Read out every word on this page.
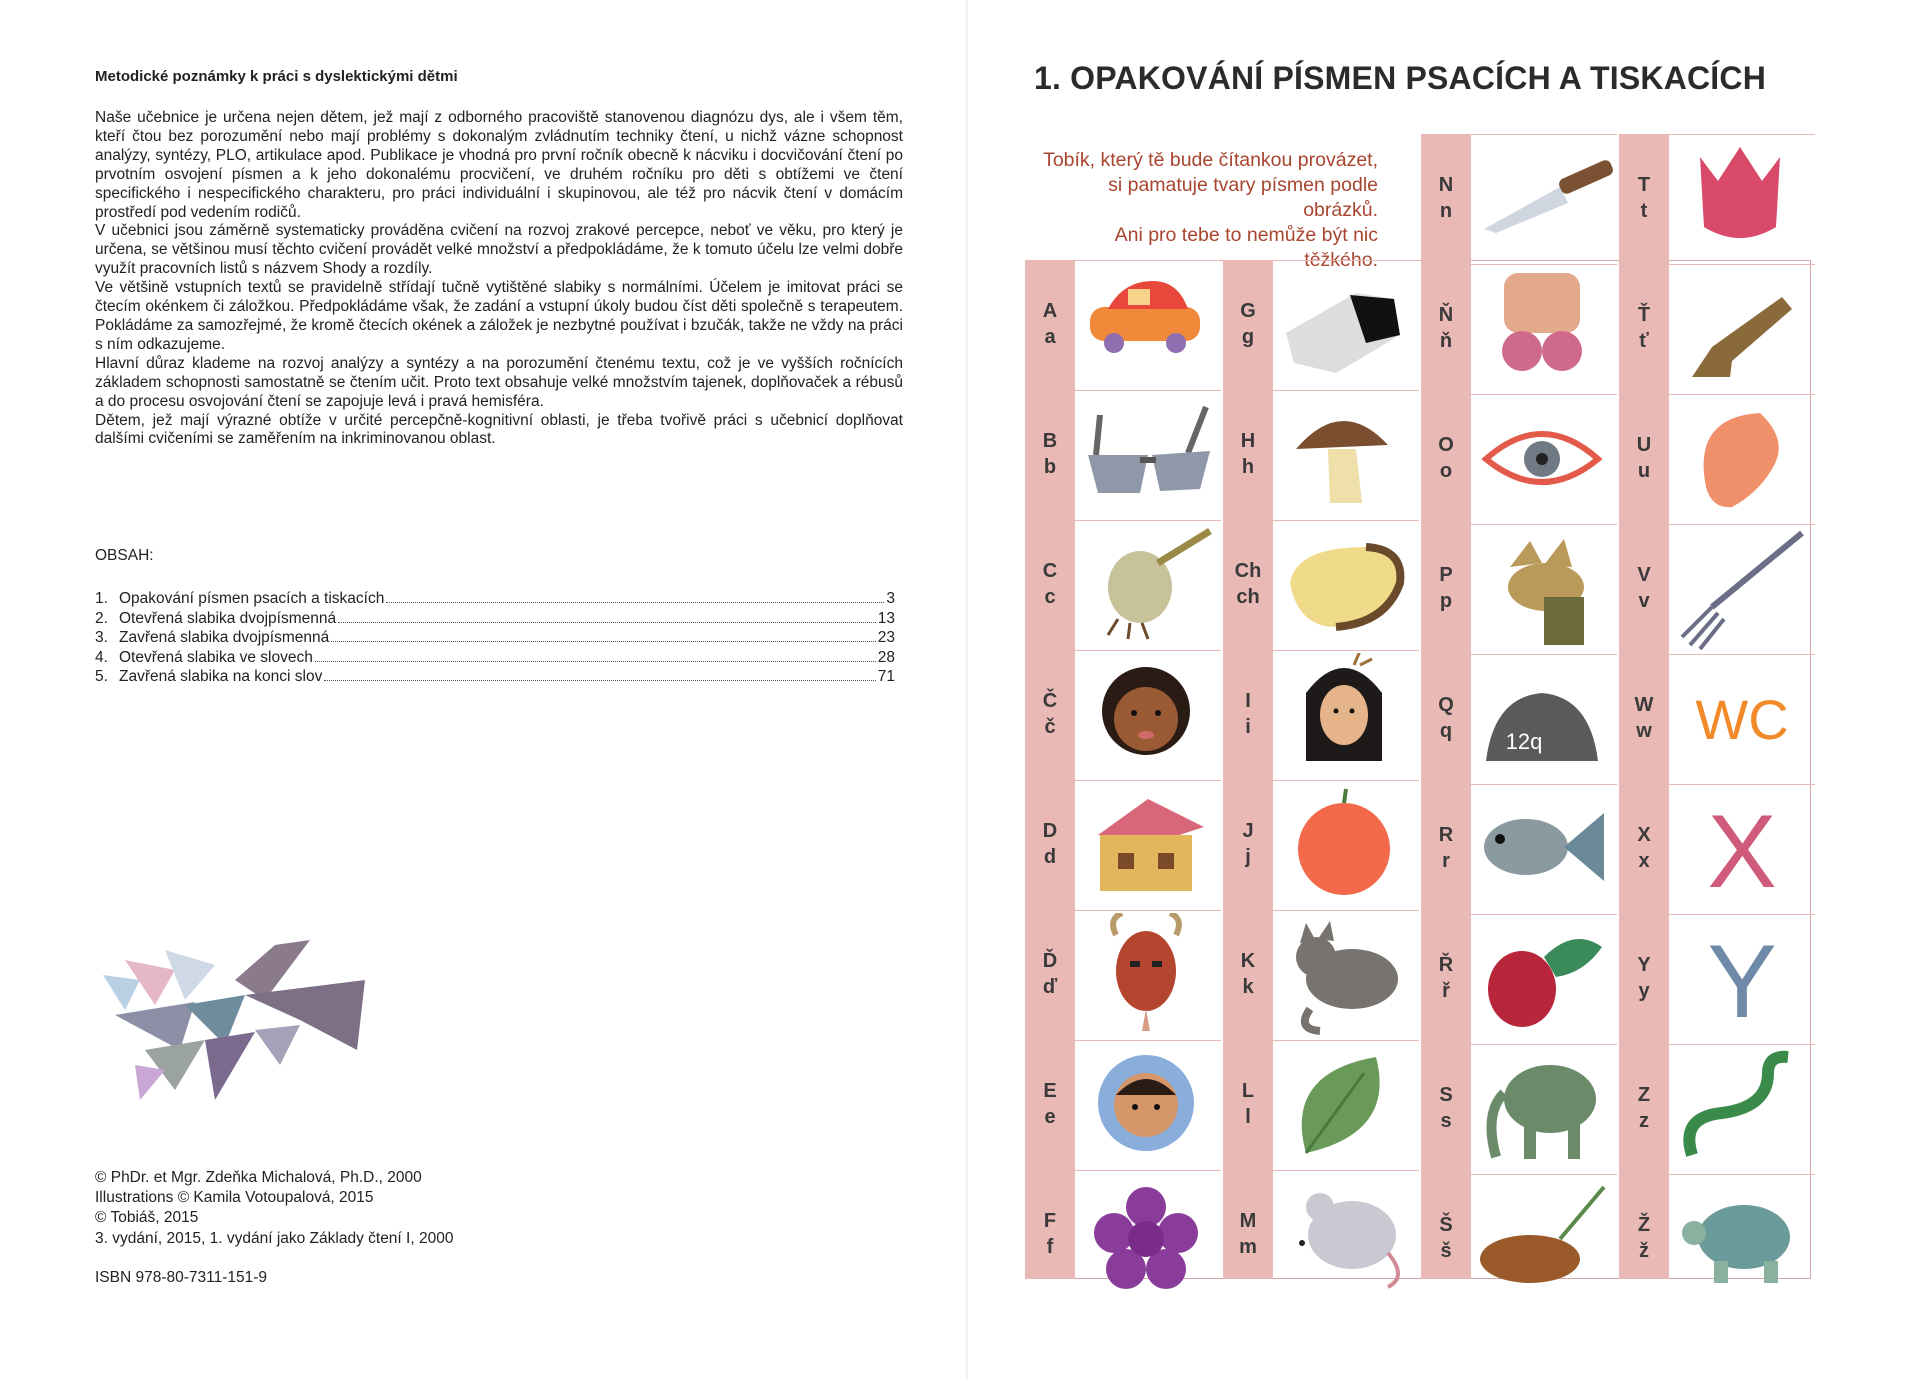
Metodické poznámky k práci s dyslektickými dětmi

Naše učebnice je určena nejen dětem, jež mají z odborného pracoviště stanovenou diagnózu dys, ale i všem těm, kteří čtou bez porozumění nebo mají problémy s dokonalým zvládnutím techniky čtení, u nichž vázne schopnost analýzy, syntézy, PLO, artikulace apod. Publikace je vhodná pro první ročník obecně k nácviku i docvičování čtení po prvotním osvojení písmen a k jeho dokonalému procvičení, ve druhém ročníku pro děti s obtížemi ve čtení specifického i nespecifického charakteru, pro práci individuální i skupinovou, ale též pro nácvik čtení v domácím prostředí pod vedením rodičů.

V učebnici jsou záměrně systematicky prováděna cvičení na rozvoj zrakové percepce, neboť ve věku, pro který je určena, se většinou musí těchto cvičení provádět velké množství a předpokládáme, že k tomuto účelu lze velmi dobře využít pracovních listů s názvem Shody a rozdíly.

Ve většině vstupních textů se pravidelně střídají tučně vytištěné slabiky s normálními. Účelem je imitovat práci se čtecím okénkem či záložkou. Předpokládáme však, že zadání a vstupní úkoly budou číst děti společně s terapeutem. Pokládáme za samozřejmé, že kromě čtecích okének a záložek je nezbytné používat i bzučák, takže ne vždy na práci s ním odkazujeme.

Hlavní důraz klademe na rozvoj analýzy a syntézy a na porozumění čtenému textu, což je ve vyšších ročnících základem schopnosti samostatně se čtením učit. Proto text obsahuje velké množstvím tajenek, doplňovaček a rébusů a do procesu osvojování čtení se zapojuje levá i pravá hemisféra.

Dětem, jež mají výrazné obtíže v určité percepčně-kognitivní oblasti, je třeba tvořivě práci s učebnicí doplňovat dalšími cvičeními se zaměřením na inkriminovanou oblast.

OBSAH:
1. Opakování písmen psacích a tiskacích	3
2. Otevřená slabika dvojpísmenná	13
3. Zavřená slabika dvojpísmenná	23
4. Otevřená slabika ve slovech	28
5. Zavřená slabika na konci slov	71
© PhDr. et Mgr. Zdeňka Michalová, Ph.D., 2000
Illustrations © Kamila Votoupalová, 2015
© Tobiáš, 2015
3. vydání, 2015, 1. vydání jako Základy čtení I, 2000
ISBN 978-80-7311-151-9
1. OPAKOVÁNÍ PÍSMEN PSACÍCH A TISKACÍCH
Tobík, který tě bude čítankou provázet,
si pamatuje tvary písmen podle obrázků.
Ani pro tebe to nemůže být nic těžkého.
A
a
B
b
C
c
Č
č
D
d
Ď
ď
E
e
F
f
G
g
H
h
Ch
ch
I
i
J
j
K
k
L
l
M
m
N
n
Ň
ň
O
o
P
p
Q
q	12q
R
r
Ř
ř
S
s
Š
š
T
t
Ť
ť
U
u
V
v
W
w WC
X
x X
Y
y Y
Z
z
Ž
ž
